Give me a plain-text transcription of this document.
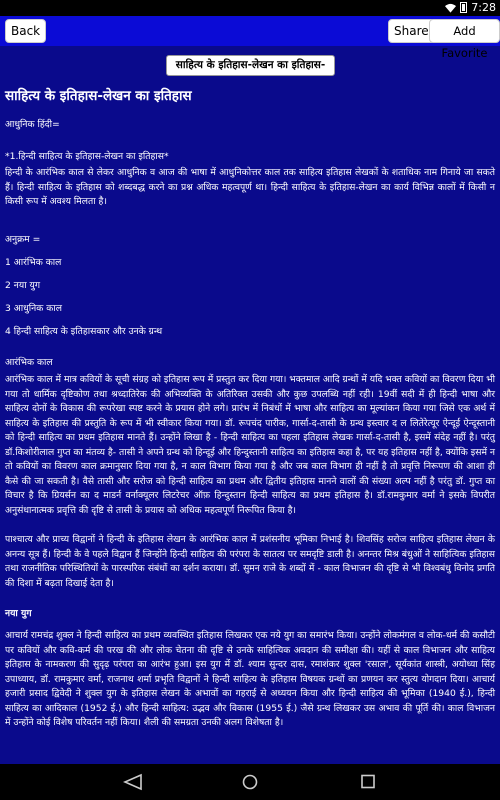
7:28
Back	Share	Add Favorite
साहित्य के इतिहास-लेखन का इतिहास-
साहित्य के इतिहास-लेखन का इतिहास
आधुनिक हिंदी=
*1.हिन्दी साहित्य के इतिहास-लेखन का इतिहास*
हिन्दी के आरंभिक काल से लेकर आधुनिक व आज की भाषा में आधुनिकोत्तर काल तक साहित्य इतिहास लेखकों के शताधिक नाम गिनाये जा सकते हैं। हिन्दी साहित्य के इतिहास को शब्दबद्ध करने का प्रश्न अधिक महत्वपूर्ण था। हिन्दी साहित्य के इतिहास-लेखन का कार्य विभिन्न कालों में किसी न किसी रूप में अवश्य मिलता है।
अनुक्रम =
1 आरंभिक काल
2 नया युग
3 आधुनिक काल
4 हिन्दी साहित्य के इतिहासकार और उनके ग्रन्थ
आरंभिक काल
आरंभिक काल में मात्र कवियों के सूची संग्रह को इतिहास रूप में प्रस्तुत कर दिया गया। भक्तमाल आदि ग्रन्थों में यदि भक्त कवियों का विवरण दिया भी गया तो धार्मिक दृष्टिकोण तथा श्रध्दातिरेक की अभिव्यक्ति के अतिरिक्त उसकी और कुछ उपलब्धि नहीं रही। 19वीं सदी में ही हिन्दी भाषा और साहित्य दोनों के विकास की रूपरेखा स्पष्ट करने के प्रयास होने लगे। प्रारंभ में निबंधों में भाषा और साहित्य का मूल्यांकन किया गया जिसे एक अर्थ में साहित्य के इतिहास की प्रस्तुति के रूप में भी स्वीकार किया गया। डॉ. रूपचंद पारीक, गार्सा-द-तासी के ग्रन्थ इस्त्वार द ल लितेरेत्यूर ऐन्दूई ऐन्दूस्तानी को हिन्दी साहित्य का प्रथम इतिहास मानते हैं। उन्होंने लिखा है - हिन्दी साहित्य का पहला इतिहास लेखक गार्सा-द-तासी है, इसमें संदेह नहीं है। परंतु डॉ.किशोरीलाल गुप्त का मंतव्य है- तासी ने अपने ग्रन्थ को हिन्दूई और हिन्दुस्तानी साहित्य का इतिहास कहा है, पर यह इतिहास नहीं है, क्योंकि इसमें न तो कवियों का विवरण काल क्रमानुसार दिया गया है, न काल विभाग किया गया है और जब काल विभाग ही नहीं है तो प्रवृत्ति निरूपण की आशा ही कैसे की जा सकती है। वैसे तासी और सरोज को हिन्दी साहित्य का प्रथम और द्वितीय इतिहास मानने वालों की संख्या अल्प नहीं है परंतु डॉ. गुप्त का विचार है कि ग्रियर्सन का द माडर्न वर्नाक्यूलर लिटरेचर ऑफ़ हिन्दुस्तान हिन्दी साहित्य का प्रथम इतिहास है। डॉ.रामकुमार वर्मा ने इसके विपरीत अनुसंधानात्मक प्रवृत्ति की दृष्टि से तासी के प्रयास को अधिक महत्वपूर्ण निरूपित किया है।
पाश्चात्य और प्राच्य विद्वानों ने हिन्दी के इतिहास लेखन के आरंभिक काल में प्रशंसनीय भूमिका निभाई है। शिवसिंह सरोज साहित्य इतिहास लेखन के अनन्य सूत्र हैं। हिन्दी के वे पहले विद्वान हैं जिन्होंने हिन्दी साहित्य की परंपरा के सातत्य पर समदृष्टि डाली है। अनन्तर मिश्र बंधुओं ने साहित्यिक इतिहास तथा राजनीतिक परिस्थितियों के पारस्परिक संबंधों का दर्शन कराया। डॉ. सुमन राजे के शब्दों में - काल विभाजन की दृष्टि से भी विश्वबंधु विनोद प्रगति की दिशा में बढ़ता दिखाई देता है।
नया युग
आचार्य रामचंद्र शुक्ल ने हिन्दी साहित्य का प्रथम व्यवस्थित इतिहास लिखकर एक नये युग का समारंभ किया। उन्होंने लोकमंगल व लोक-धर्म की कसौटी पर कवियों और कवि-कर्म की परख की और लोक चेतना की दृष्टि से उनके साहित्यिक अवदान की समीक्षा की। यहीं से काल विभाजन और साहित्य इतिहास के नामकरण की सुदृढ़ परंपरा का आरंभ हुआ। इस युग में डॉ. श्याम सुन्दर दास, रमाशंकर शुक्ल 'रसाल', सूर्यकांत शास्त्री, अयोध्या सिंह उपाध्याय, डॉ. रामकुमार वर्मा, राजनाथ शर्मा प्रभृति विद्वानों ने हिन्दी साहित्य के इतिहास विषयक ग्रन्थों का प्रणयन कर स्तुत्य योगदान दिया। आचार्य हजारी प्रसाद द्विवेदी ने शुक्ल युग के इतिहास लेखन के अभावों का गहराई से अध्ययन किया और हिन्दी साहित्य की भूमिका (1940 ई.), हिन्दी साहित्य का आदिकाल (1952 ई.) और हिन्दी साहित्य: उद्भव और विकास (1955 ई.) जैसे ग्रन्थ लिखकर उस अभाव की पूर्ति की। काल विभाजन में उन्होंने कोई विशेष परिवर्तन नहीं किया। शैली की समग्रता उनकी अलग विशेषता है।
